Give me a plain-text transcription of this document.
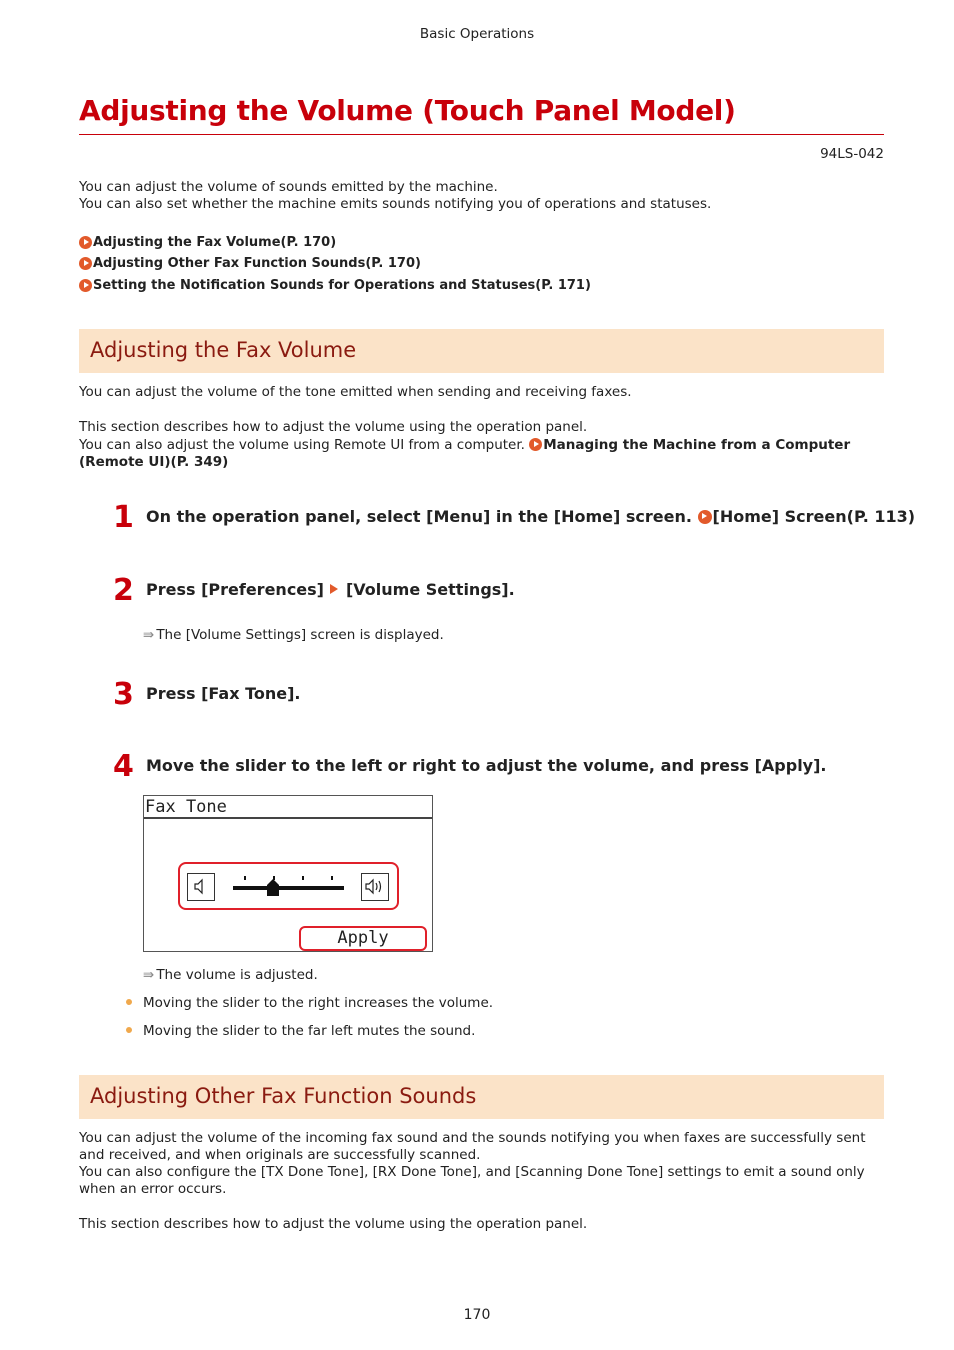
Basic Operations
Adjusting the Volume (Touch Panel Model)
94LS-042
You can adjust the volume of sounds emitted by the machine.
You can also set whether the machine emits sounds notifying you of operations and statuses.
Adjusting the Fax Volume(P. 170)
Adjusting Other Fax Function Sounds(P. 170)
Setting the Notification Sounds for Operations and Statuses(P. 171)
Adjusting the Fax Volume
You can adjust the volume of the tone emitted when sending and receiving faxes.
This section describes how to adjust the volume using the operation panel.
You can also adjust the volume using Remote UI from a computer. Managing the Machine from a Computer
(Remote UI)(P. 349)
1 On the operation panel, select [Menu] in the [Home] screen. [Home] Screen(P. 113)
2 Press [Preferences] [Volume Settings].
⇛ The [Volume Settings] screen is displayed.
3 Press [Fax Tone].
4 Move the slider to the left or right to adjust the volume, and press [Apply].
Fax Tone
Apply
⇛ The volume is adjusted.
Moving the slider to the right increases the volume.
Moving the slider to the far left mutes the sound.
Adjusting Other Fax Function Sounds
You can adjust the volume of the incoming fax sound and the sounds notifying you when faxes are successfully sent
and received, and when originals are successfully scanned.
You can also configure the [TX Done Tone], [RX Done Tone], and [Scanning Done Tone] settings to emit a sound only
when an error occurs.
This section describes how to adjust the volume using the operation panel.
170
